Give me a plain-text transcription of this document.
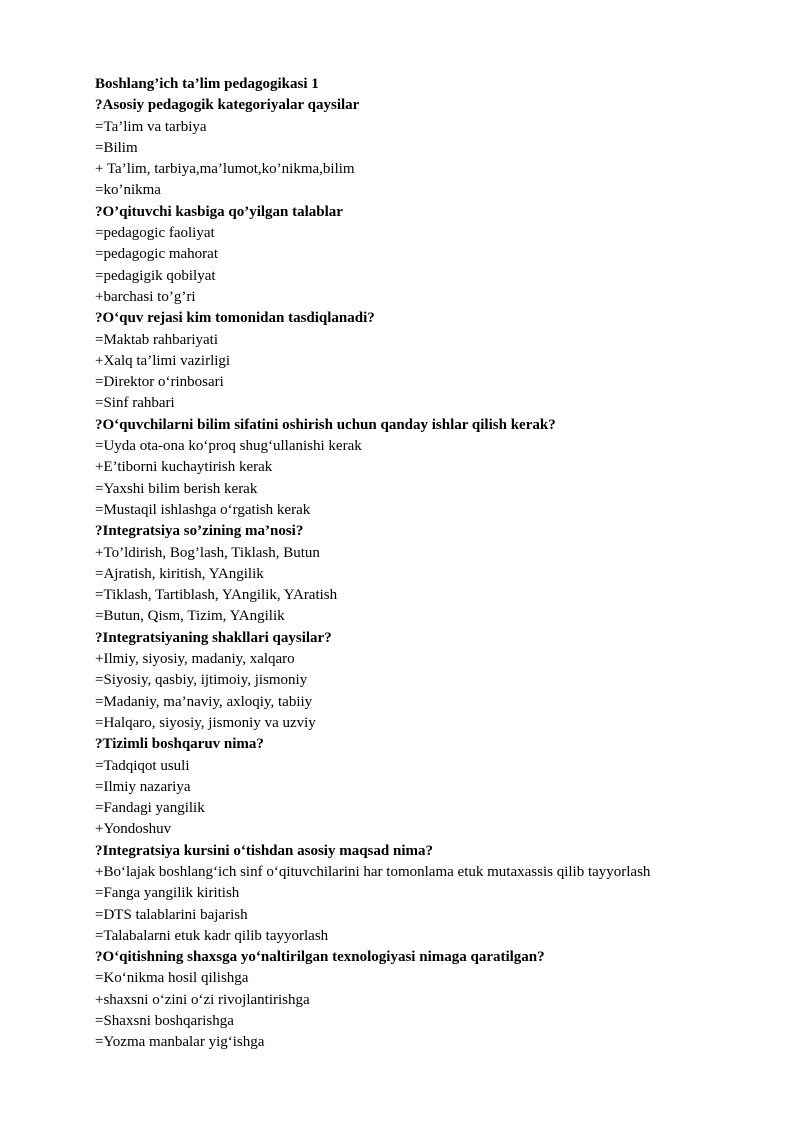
Boshlang’ich ta’lim pedagogikasi 1
?Asosiy pedagogik kategoriyalar qaysilar
=Ta’lim va tarbiya
=Bilim
+ Ta’lim, tarbiya,ma’lumot,ko’nikma,bilim
=ko’nikma
?O’qituvchi kasbiga qo’yilgan talablar
=pedagogic faoliyat
=pedagogic mahorat
=pedagigik qobilyat
+barchasi to’g’ri
?O‘quv rejasi kim tomonidan tasdiqlanadi?
=Maktab rahbariyati
+Xalq ta’limi vazirligi
=Direktor o‘rinbosari
=Sinf rahbari
?O‘quvchilarni bilim sifatini oshirish uchun qanday ishlar qilish kerak?
=Uyda ota-ona ko‘proq shug‘ullanishi kerak
+E’tiborni kuchaytirish kerak
=Yaxshi bilim berish kerak
=Mustaqil ishlashga o‘rgatish kerak
?Integratsiya so’zining ma’nosi?
+To’ldirish, Bog’lash, Tiklash, Butun
=Ajratish, kiritish, YAngilik
=Tiklash, Tartiblash, YAngilik, YAratish
=Butun, Qism, Tizim, YAngilik
?Integratsiyaning shakllari qaysilar?
+Ilmiy, siyosiy, madaniy, xalqaro
=Siyosiy, qasbiy, ijtimoiy, jismoniy
=Madaniy, ma’naviy, axloqiy, tabiiy
=Halqaro, siyosiy, jismoniy va uzviy
?Tizimli boshqaruv nima?
=Tadqiqot usuli
=Ilmiy nazariya
=Fandagi yangilik
+Yondoshuv
?Integratsiya kursini o‘tishdan asosiy maqsad nima?
+Bo‘lajak boshlang‘ich sinf o‘qituvchilarini har tomonlama etuk mutaxassis qilib tayyorlash
=Fanga yangilik kiritish
=DTS talablarini bajarish
=Talabalarni etuk kadr qilib tayyorlash
?O‘qitishning shaxsga yo‘naltirilgan texnologiyasi nimaga qaratilgan?
=Ko‘nikma hosil qilishga
+shaxsni o‘zini o‘zi rivojlantirishga
=Shaxsni boshqarishga
=Yozma manbalar yig‘ishga
